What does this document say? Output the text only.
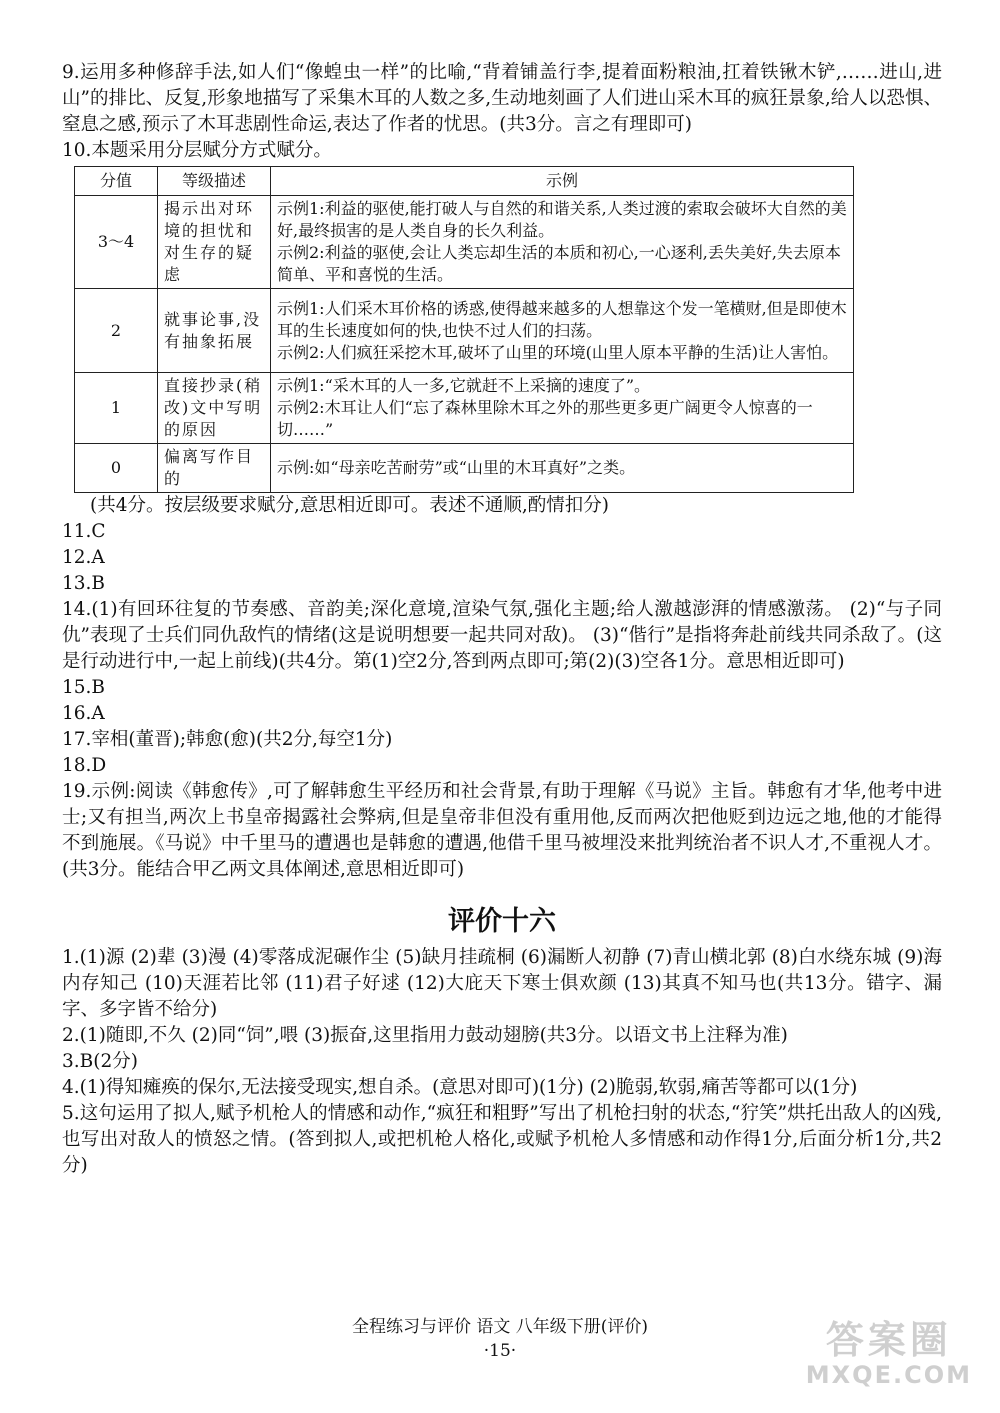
9.运用多种修辞手法,如人们“像蝗虫一样”的比喻,“背着铺盖行李,提着面粉粮油,扛着铁锹木铲,……进山,进山”的排比、反复,形象地描写了采集木耳的人数之多,生动地刻画了人们进山采木耳的疯狂景象,给人以恐惧、窒息之感,预示了木耳悲剧性命运,表达了作者的忧思。(共3分。言之有理即可)

10.本题采用分层赋分方式赋分。

分值	等级描述	示例
3～4	揭示出对环境的担忧和对生存的疑虑	示例1:利益的驱使,能打破人与自然的和谐关系,人类过渡的索取会破坏大自然的美好,最终损害的是人类自身的长久利益。
示例2:利益的驱使,会让人类忘却生活的本质和初心,一心逐利,丢失美好,失去原本简单、平和喜悦的生活。

2	就事论事,没有抽象拓展	示例1:人们采木耳价格的诱惑,使得越来越多的人想靠这个发一笔横财,但是即使木耳的生长速度如何的快,也快不过人们的扫荡。
示例2:人们疯狂采挖木耳,破坏了山里的环境(山里人原本平静的生活)让人害怕。

1	直接抄录(稍改)文中写明的原因	示例1:“采木耳的人一多,它就赶不上采摘的速度了”。
示例2:木耳让人们“忘了森林里除木耳之外的那些更多更广阔更令人惊喜的一切……”

0	偏离写作目的	示例:如“母亲吃苦耐劳”或“山里的木耳真好”之类。

(共4分。按层级要求赋分,意思相近即可。表述不通顺,酌情扣分)

11.C

12.A

13.B

14.(1)有回环往复的节奏感、音韵美;深化意境,渲染气氛,强化主题;给人激越澎湃的情感激荡。 (2)“与子同仇”表现了士兵们同仇敌忾的情绪(这是说明想要一起共同对敌)。 (3)“偕行”是指将奔赴前线共同杀敌了。(这是行动进行中,一起上前线)(共4分。第(1)空2分,答到两点即可;第(2)(3)空各1分。意思相近即可)

15.B

16.A

17.宰相(董晋);韩愈(愈)(共2分,每空1分)

18.D

19.示例:阅读《韩愈传》,可了解韩愈生平经历和社会背景,有助于理解《马说》主旨。韩愈有才华,他考中进士;又有担当,两次上书皇帝揭露社会弊病,但是皇帝非但没有重用他,反而两次把他贬到边远之地,他的才能得不到施展。《马说》中千里马的遭遇也是韩愈的遭遇,他借千里马被埋没来批判统治者不识人才,不重视人才。(共3分。能结合甲乙两文具体阐述,意思相近即可)

评价十六

1.(1)源 (2)辈 (3)漫 (4)零落成泥碾作尘 (5)缺月挂疏桐 (6)漏断人初静 (7)青山横北郭 (8)白水绕东城 (9)海内存知己 (10)天涯若比邻 (11)君子好逑 (12)大庇天下寒士俱欢颜 (13)其真不知马也(共13分。错字、漏字、多字皆不给分)

2.(1)随即,不久 (2)同“饲”,喂 (3)振奋,这里指用力鼓动翅膀(共3分。以语文书上注释为准)

3.B(2分)

4.(1)得知瘫痪的保尔,无法接受现实,想自杀。(意思对即可)(1分) (2)脆弱,软弱,痛苦等都可以(1分)

5.这句运用了拟人,赋予机枪人的情感和动作,“疯狂和粗野”写出了机枪扫射的状态,“狞笑”烘托出敌人的凶残,也写出对敌人的愤怒之情。(答到拟人,或把机枪人格化,或赋予机枪人多情感和动作得1分,后面分析1分,共2分)

全程练习与评价 语文 八年级下册(评价)
·15·	答案圈
MXQE.COM
